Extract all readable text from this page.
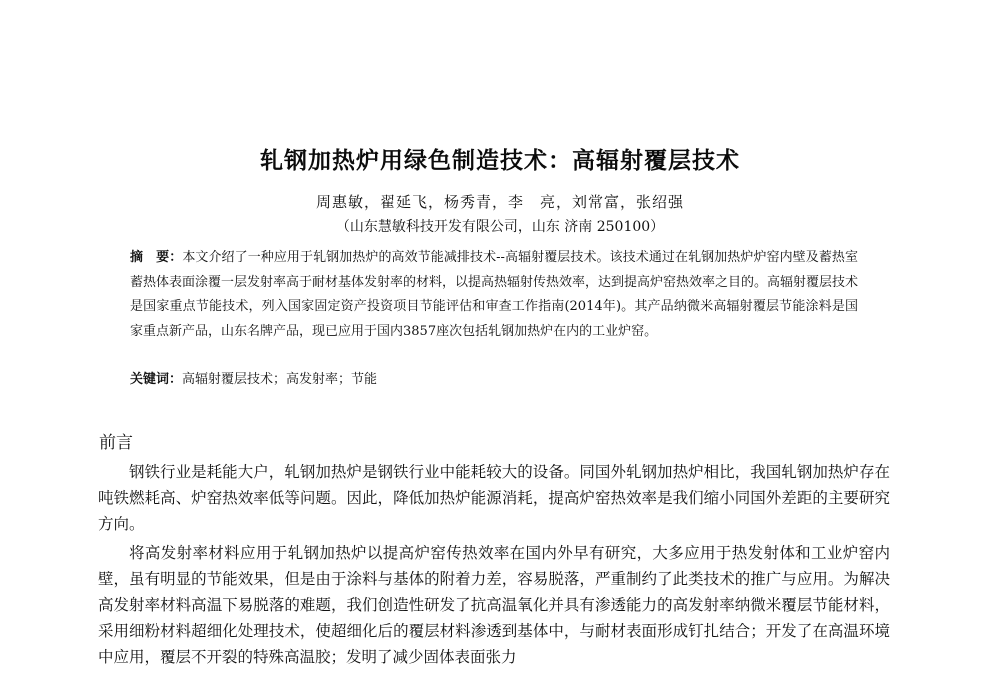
轧钢加热炉用绿色制造技术：高辐射覆层技术
周惠敏，翟延飞，杨秀青，李　亮，刘常富，张绍强
（山东慧敏科技开发有限公司，山东 济南 250100）
摘　要：本文介绍了一种应用于轧钢加热炉的高效节能减排技术--高辐射覆层技术。该技术通过在轧钢加热炉炉窑内壁及蓄热室蓄热体表面涂覆一层发射率高于耐材基体发射率的材料，以提高热辐射传热效率，达到提高炉窑热效率之目的。高辐射覆层技术是国家重点节能技术，列入国家固定资产投资项目节能评估和审查工作指南(2014年)。其产品纳微米高辐射覆层节能涂料是国家重点新产品，山东名牌产品，现已应用于国内3857座次包括轧钢加热炉在内的工业炉窑。
关键词：高辐射覆层技术；高发射率；节能
前言

钢铁行业是耗能大户，轧钢加热炉是钢铁行业中能耗较大的设备。同国外轧钢加热炉相比，我国轧钢加热炉存在吨铁燃耗高、炉窑热效率低等问题。因此，降低加热炉能源消耗，提高炉窑热效率是我们缩小同国外差距的主要研究方向。

将高发射率材料应用于轧钢加热炉以提高炉窑传热效率在国内外早有研究，大多应用于热发射体和工业炉窑内壁，虽有明显的节能效果，但是由于涂料与基体的附着力差，容易脱落，严重制约了此类技术的推广与应用。为解决高发射率材料高温下易脱落的难题，我们创造性研发了抗高温氧化并具有渗透能力的高发射率纳微米覆层节能材料，采用细粉材料超细化处理技术，使超细化后的覆层材料渗透到基体中，与耐材表面形成钉扎结合；开发了在高温环境中应用，覆层不开裂的特殊高温胶；发明了减少固体表面张力
